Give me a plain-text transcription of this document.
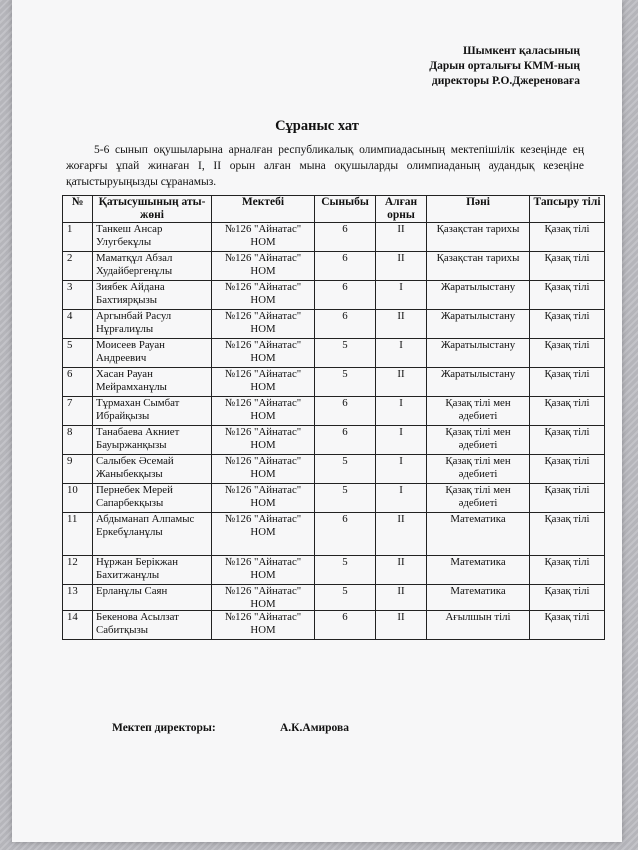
Шымкент қаласының
Дарын орталығы КММ-ның
директоры Р.О.Джереноваға
Сұраныс хат
5-6 сынып оқушыларына арналған республикалық олимпиадасының мектепішілік кезеңінде ең жоғарғы ұпай жинаған І, ІІ орын алған мына оқушыларды олимпиаданың аудандық кезеңіне қатыстыруыңызды сұранамыз.
№	Қатысушының аты-жөні	Мектебі	Сыныбы	Алған орны	Пәні	Тапсыру тілі
1	Танкеш Ансар Улугбекұлы	№126 "Айнатас" НОМ	6	ІІ	Қазақстан тарихы	Қазақ тілі
2	Маматқұл Абзал Худайбергенұлы	№126 "Айнатас" НОМ	6	ІІ	Қазақстан тарихы	Қазақ тілі
3	Зиябек Айдана Бахтиярқызы	№126 "Айнатас" НОМ	6	І	Жаратылыстану	Қазақ тілі
4	Аргынбай Расул Нұрғалиұлы	№126 "Айнатас" НОМ	6	ІІ	Жаратылыстану	Қазақ тілі
5	Моисеев Рауан Андреевич	№126 "Айнатас" НОМ	5	І	Жаратылыстану	Қазақ тілі
6	Хасан Рауан Мейрамханұлы	№126 "Айнатас" НОМ	5	ІІ	Жаратылыстану	Қазақ тілі
7	Тұрмахан Сымбат Ибрайқызы	№126 "Айнатас" НОМ	6	І	Қазақ тілі мен әдебиеті	Қазақ тілі
8	Танабаева Акниет Бауыржанқызы	№126 "Айнатас" НОМ	6	І	Қазақ тілі мен әдебиеті	Қазақ тілі
9	Салыбек Әсемай Жаныбекқызы	№126 "Айнатас" НОМ	5	І	Қазақ тілі мен әдебиеті	Қазақ тілі
10	Пернебек Мерей Сапарбекқызы	№126 "Айнатас" НОМ	5	І	Қазақ тілі мен әдебиеті	Қазақ тілі
11	Абдыманап Алпамыс Еркебұланұлы	№126 "Айнатас" НОМ	6	ІІ	Математика	Қазақ тілі
12	Нұржан Берікжан Бахитжанұлы	№126 "Айнатас" НОМ	5	ІІ	Математика	Қазақ тілі
13	Ерланұлы Саян	№126 "Айнатас" НОМ	5	ІІ	Математика	Қазақ тілі
14	Бекенова Асылзат Сабитқызы	№126 "Айнатас" НОМ	6	ІІ	Ағылшын тілі	Қазақ тілі
Мектеп директоры:	А.К.Амирова
